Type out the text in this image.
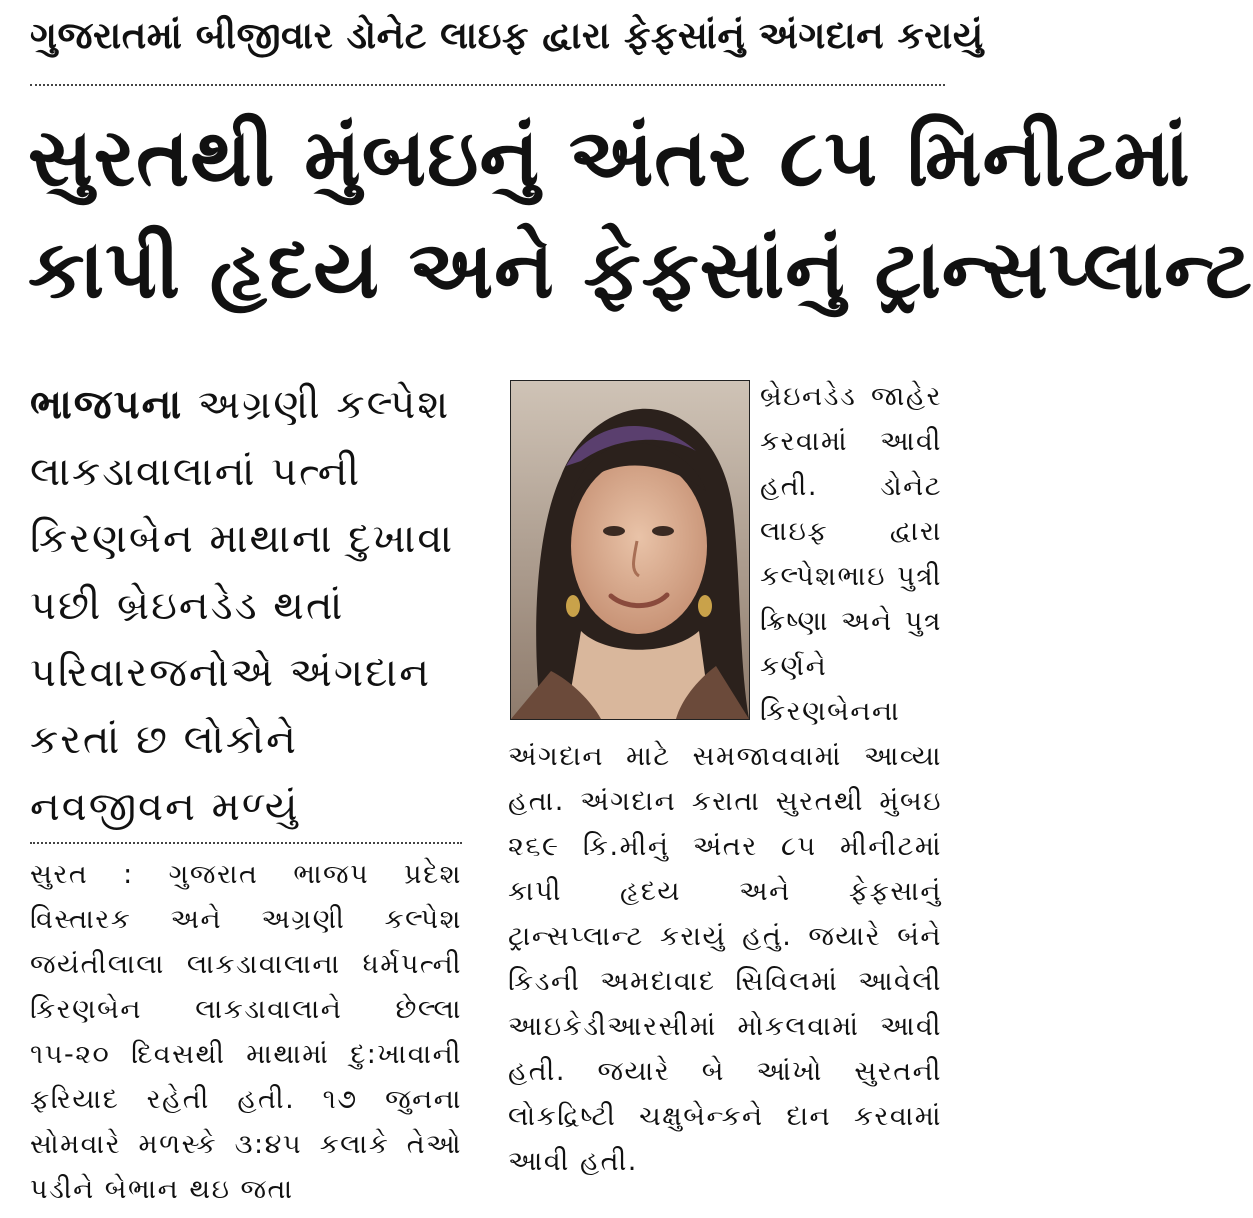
ગુજરાતમાં બીજીવાર ડોનેટ લાઇફ દ્વારા ફેફસાંનું અંગદાન કરાયું
સુરતથી મુંબઇનું અંતર ૮૫ મિનીટમાં
કાપી હૃદય અને ફેફસાંનું ટ્રાન્સપ્લાન્ટ
ભાજપના અગ્રણી કલ્પેશ લાકડાવાલાનાં પત્ની કિરણબેન માથાના દુખાવા પછી બ્રેઇનડેડ થતાં પરિવારજનોએ અંગદાન કરતાં છ લોકોને નવજીવન મળ્યું
સુરત : ગુજરાત ભાજપ પ્રદેશ વિસ્તારક અને અગ્રણી કલ્પેશ જયંતીલાલા લાકડાવાલાના ધર્મપત્ની કિરણબેન લાકડાવાલાને છેલ્લા ૧૫-૨૦ દિવસથી માથામાં દુ:ખાવાની ફરિયાદ રહેતી હતી. ૧૭ જુનના સોમવારે મળસ્કે ૩:૪૫ કલાકે તેઓ પડીને બેભાન થઇ જતા
બ્રેઇનડેડ જાહેર કરવામાં આવી હતી. ડોનેટ લાઇફ દ્વારા કલ્પેશભાઇ પુત્રી ક્રિષ્ણા અને પુત્ર કર્ણને કિરણબેનના
અંગદાન માટે સમજાવવામાં આવ્યા હતા. અંગદાન કરાતા સુરતથી મુંબઇ ૨૬૯ કિ.મીનું અંતર ૮૫ મીનીટમાં કાપી હૃદય અને ફેફસાનું ટ્રાન્સપ્લાન્ટ કરાયું હતું. જયારે બંને કિડની અમદાવાદ સિવિલમાં આવેલી આઇકેડીઆરસીમાં મોકલવામાં આવી હતી. જયારે બે આંખો સુરતની લોકદ્રિષ્ટી ચક્ષુબેન્કને દાન કરવામાં આવી હતી.
